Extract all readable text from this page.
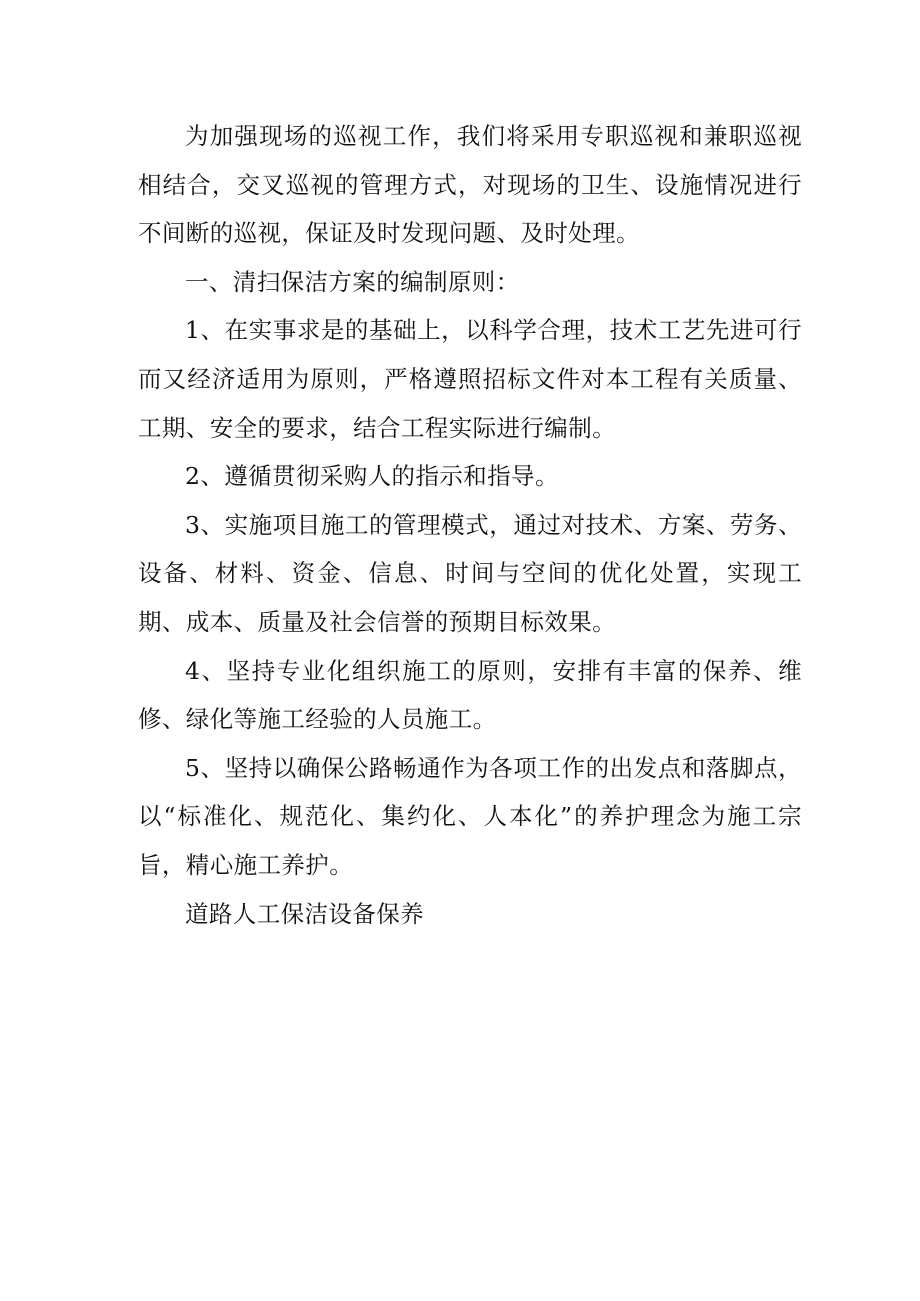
为加强现场的巡视工作，我们将采用专职巡视和兼职巡视相结合，交叉巡视的管理方式，对现场的卫生、设施情况进行不间断的巡视，保证及时发现问题、及时处理。

一、清扫保洁方案的编制原则：

1、在实事求是的基础上，以科学合理，技术工艺先进可行而又经济适用为原则，严格遵照招标文件对本工程有关质量、工期、安全的要求，结合工程实际进行编制。

2、遵循贯彻采购人的指示和指导。

3、实施项目施工的管理模式，通过对技术、方案、劳务、设备、材料、资金、信息、时间与空间的优化处置，实现工期、成本、质量及社会信誉的预期目标效果。

4、坚持专业化组织施工的原则，安排有丰富的保养、维修、绿化等施工经验的人员施工。

5、坚持以确保公路畅通作为各项工作的出发点和落脚点，以“标准化、规范化、集约化、人本化”的养护理念为施工宗旨，精心施工养护。

道路人工保洁设备保养
